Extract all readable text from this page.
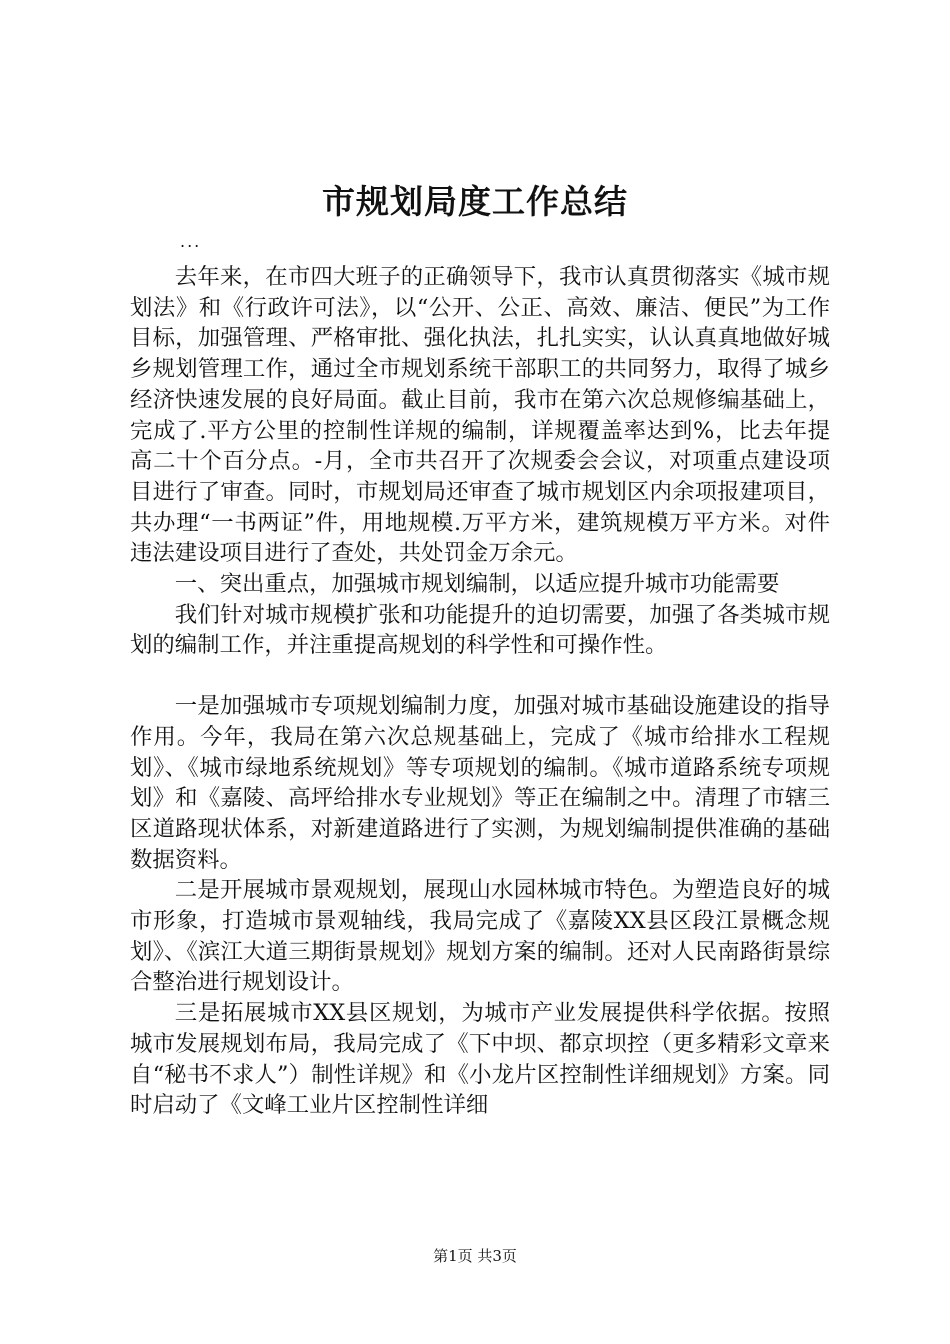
市规划局度工作总结
...

去年来，在市四大班子的正确领导下，我市认真贯彻落实《城市规划法》和《行政许可法》，以“公开、公正、高效、廉洁、便民”为工作目标，加强管理、严格审批、强化执法，扎扎实实，认认真真地做好城乡规划管理工作，通过全市规划系统干部职工的共同努力，取得了城乡经济快速发展的良好局面。截止目前，我市在第六次总规修编基础上，完成了.平方公里的控制性详规的编制，详规覆盖率达到%，比去年提高二十个百分点。-月，全市共召开了次规委会会议，对项重点建设项目进行了审查。同时，市规划局还审查了城市规划区内余项报建项目，共办理“一书两证”件，用地规模.万平方米，建筑规模万平方米。对件违法建设项目进行了查处，共处罚金万余元。

一、突出重点，加强城市规划编制，以适应提升城市功能需要

我们针对城市规模扩张和功能提升的迫切需要，加强了各类城市规划的编制工作，并注重提高规划的科学性和可操作性。

一是加强城市专项规划编制力度，加强对城市基础设施建设的指导作用。今年，我局在第六次总规基础上，完成了《城市给排水工程规划》、《城市绿地系统规划》等专项规划的编制。《城市道路系统专项规划》和《嘉陵、高坪给排水专业规划》等正在编制之中。清理了市辖三区道路现状体系，对新建道路进行了实测，为规划编制提供准确的基础数据资料。

二是开展城市景观规划，展现山水园林城市特色。为塑造良好的城市形象，打造城市景观轴线，我局完成了《嘉陵XX县区段江景概念规划》、《滨江大道三期街景规划》规划方案的编制。还对人民南路街景综合整治进行规划设计。

三是拓展城市XX县区规划，为城市产业发展提供科学依据。按照城市发展规划布局，我局完成了《下中坝、都京坝控（更多精彩文章来自“秘书不求人”）制性详规》和《小龙片区控制性详细规划》方案。同时启动了《文峰工业片区控制性详细

第1页 共3页
